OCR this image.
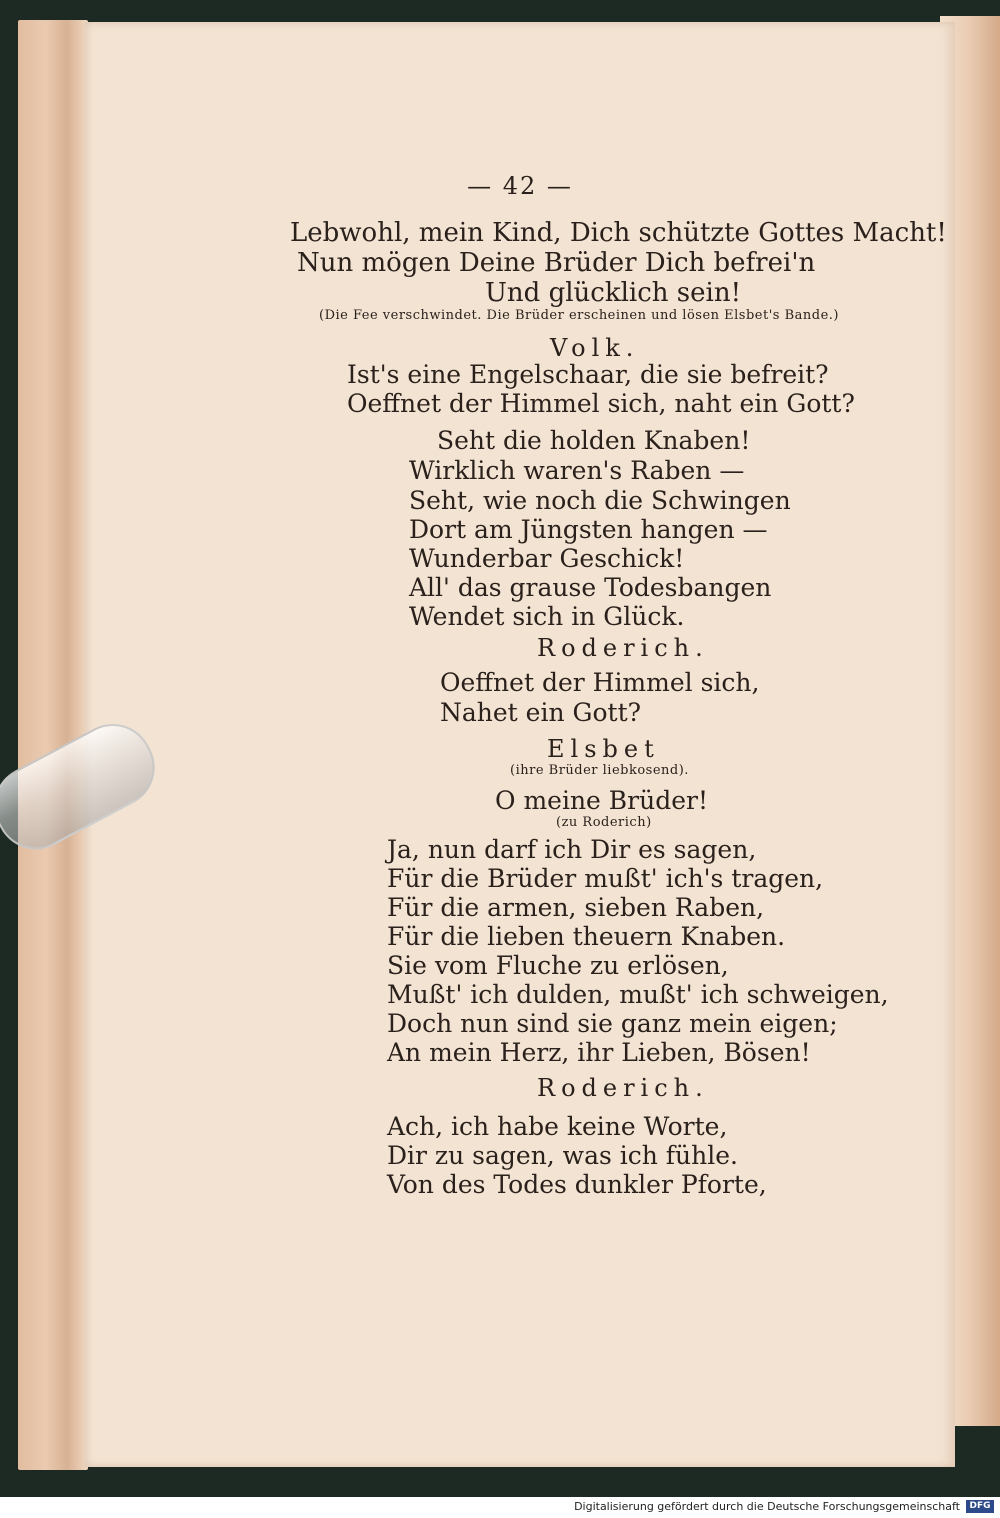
— 42 —
Lebwohl, mein Kind, Dich schützte Gottes Macht!
Nun mögen Deine Brüder Dich befrei'n
Und glücklich sein!
(Die Fee verschwindet. Die Brüder erscheinen und lösen Elsbet's Bande.)
Volk.
Ist's eine Engelschaar, die sie befreit?
Oeffnet der Himmel sich, naht ein Gott?
Seht die holden Knaben!
Wirklich waren's Raben —
Seht, wie noch die Schwingen
Dort am Jüngsten hangen —
Wunderbar Geschick!
All' das grause Todesbangen
Wendet sich in Glück.
Roderich.
Oeffnet der Himmel sich,
Nahet ein Gott?
Elsbet
(ihre Brüder liebkosend).
O meine Brüder!
(zu Roderich)
Ja, nun darf ich Dir es sagen,
Für die Brüder mußt' ich's tragen,
Für die armen, sieben Raben,
Für die lieben theuern Knaben.
Sie vom Fluche zu erlösen,
Mußt' ich dulden, mußt' ich schweigen,
Doch nun sind sie ganz mein eigen;
An mein Herz, ihr Lieben, Bösen!
Roderich.
Ach, ich habe keine Worte,
Dir zu sagen, was ich fühle.
Von des Todes dunkler Pforte,
Digitalisierung gefördert durch die Deutsche Forschungsgemeinschaft	DFG
